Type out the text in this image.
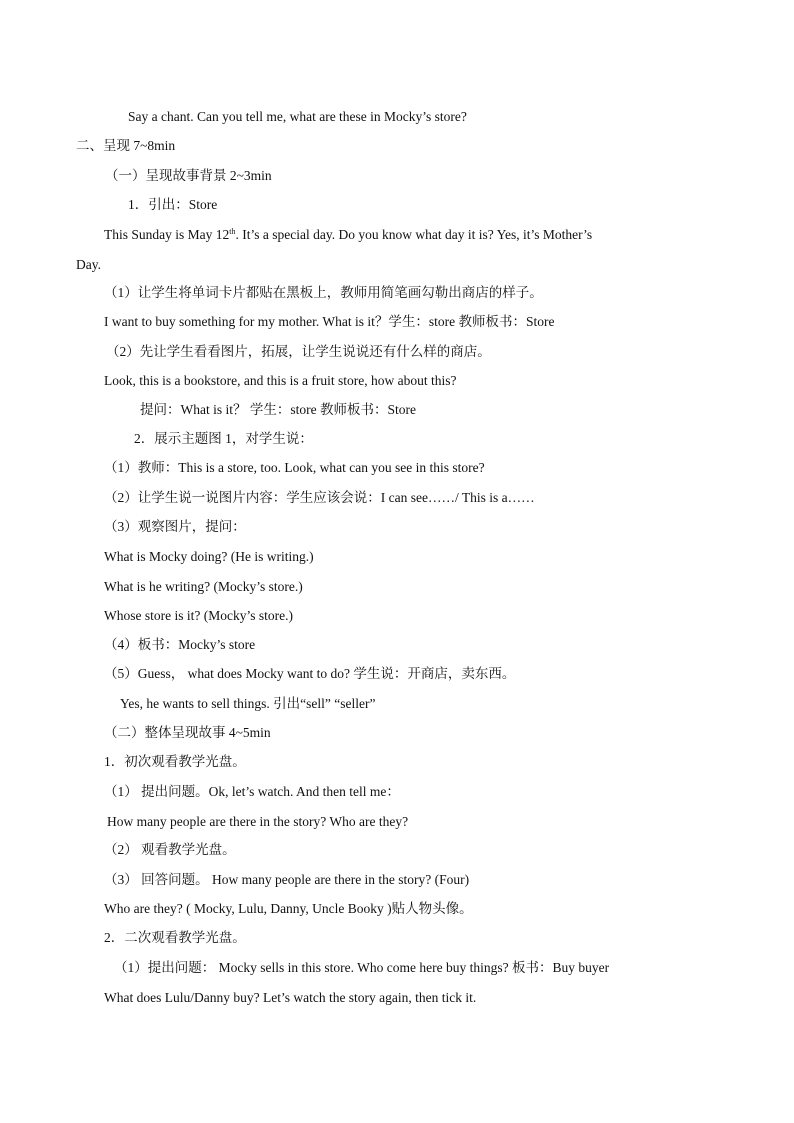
Say a chant. Can you tell me, what are these in Mocky’s store?
二、呈现 7~8min
（一）呈现故事背景 2~3min
1．引出：Store
This Sunday is May 12th. It’s a special day. Do you know what day it is? Yes, it’s Mother’s
Day.
（1）让学生将单词卡片都贴在黑板上，教师用简笔画勾勒出商店的样子。
I want to buy something for my mother. What is it？学生：store 教师板书：Store
（2）先让学生看看图片，拓展，让学生说说还有什么样的商店。
Look, this is a bookstore, and this is a fruit store, how about this?
提问：What is it？ 学生：store 教师板书：Store
2．展示主题图 1，对学生说：
（1）教师：This is a store, too. Look, what can you see in this store?
（2）让学生说一说图片内容：学生应该会说：I can see……/ This is a……
（3）观察图片，提问：
What is Mocky doing? (He is writing.)
What is he writing? (Mocky’s store.)
Whose store is it? (Mocky’s store.)
（4）板书：Mocky’s store
（5）Guess， what does Mocky want to do? 学生说：开商店，卖东西。
Yes, he wants to sell things. 引出“sell” “seller”
（二）整体呈现故事 4~5min
1．初次观看教学光盘。
（1） 提出问题。Ok, let’s watch. And then tell me：
How many people are there in the story? Who are they?
（2） 观看教学光盘。
（3） 回答问题。 How many people are there in the story? (Four)
Who are they? ( Mocky, Lulu, Danny, Uncle Booky )贴人物头像。
2．二次观看教学光盘。
（1）提出问题： Mocky sells in this store. Who come here buy things? 板书：Buy buyer
What does Lulu/Danny buy? Let’s watch the story again, then tick it.
